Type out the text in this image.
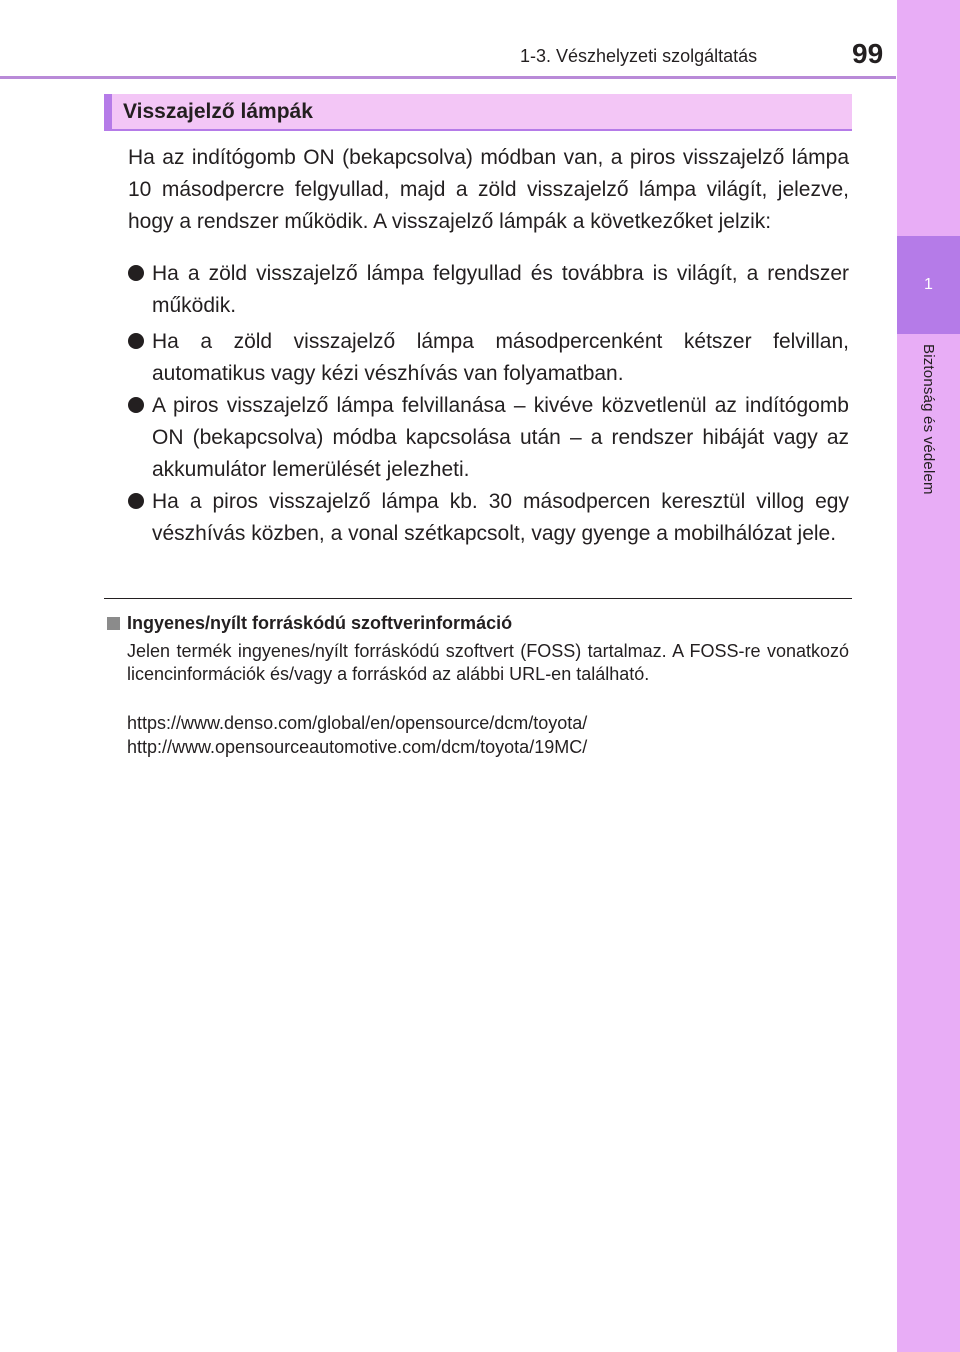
1-3. Vészhelyzeti szolgáltatás	99
1
Biztonság és védelem
Visszajelző lámpák
Ha az indítógomb ON (bekapcsolva) módban van, a piros visszajelző lámpa 10 másodpercre felgyullad, majd a zöld visszajelző lámpa világít, jelezve, hogy a rendszer működik. A visszajelző lámpák a következőket jelzik:
Ha a zöld visszajelző lámpa felgyullad és továbbra is világít, a rendszer működik.
Ha a zöld visszajelző lámpa másodpercenként kétszer felvillan, automatikus vagy kézi vészhívás van folyamatban.
A piros visszajelző lámpa felvillanása – kivéve közvetlenül az indítógomb ON (bekapcsolva) módba kapcsolása után – a rendszer hibáját vagy az akkumulátor lemerülését jelezheti.
Ha a piros visszajelző lámpa kb. 30 másodpercen keresztül villog egy vészhívás közben, a vonal szétkapcsolt, vagy gyenge a mobilhálózat jele.
Ingyenes/nyílt forráskódú szoftverinformáció
Jelen termék ingyenes/nyílt forráskódú szoftvert (FOSS) tartalmaz. A FOSS-re vonatkozó licencinformációk és/vagy a forráskód az alábbi URL-en található.
https://www.denso.com/global/en/opensource/dcm/toyota/
http://www.opensourceautomotive.com/dcm/toyota/19MC/
